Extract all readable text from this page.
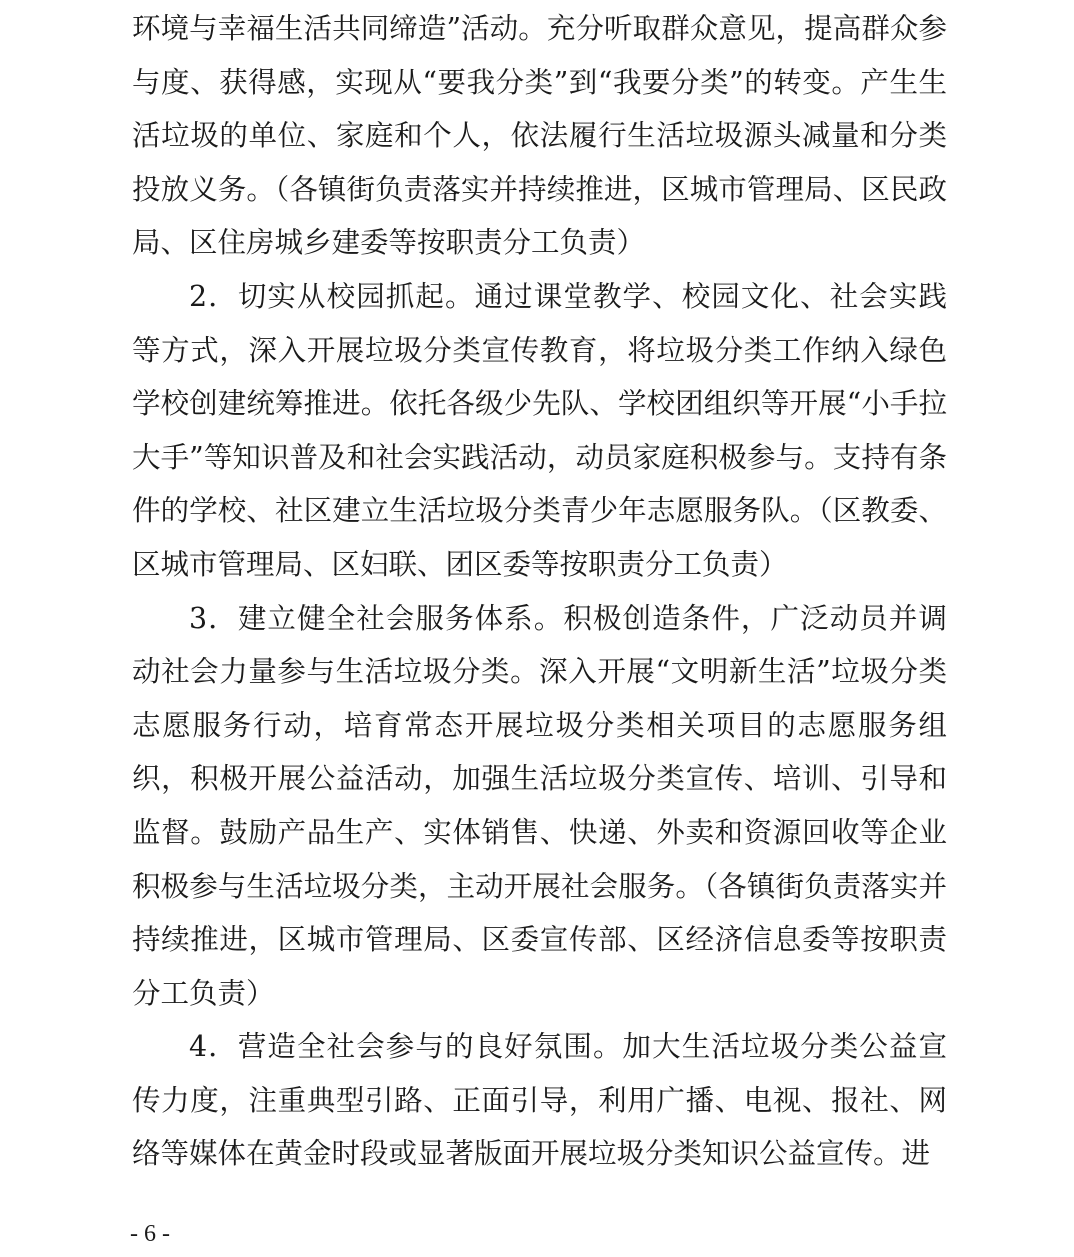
环境与幸福生活共同缔造”活动。充分听取群众意见，提高群众参与度、获得感，实现从“要我分类”到“我要分类”的转变。产生生活垃圾的单位、家庭和个人，依法履行生活垃圾源头减量和分类投放义务。（各镇街负责落实并持续推进，区城市管理局、区民政局、区住房城乡建委等按职责分工负责）

2．切实从校园抓起。通过课堂教学、校园文化、社会实践等方式，深入开展垃圾分类宣传教育，将垃圾分类工作纳入绿色学校创建统筹推进。依托各级少先队、学校团组织等开展“小手拉大手”等知识普及和社会实践活动，动员家庭积极参与。支持有条件的学校、社区建立生活垃圾分类青少年志愿服务队。（区教委、区城市管理局、区妇联、团区委等按职责分工负责）

3．建立健全社会服务体系。积极创造条件，广泛动员并调动社会力量参与生活垃圾分类。深入开展“文明新生活”垃圾分类志愿服务行动，培育常态开展垃圾分类相关项目的志愿服务组织，积极开展公益活动，加强生活垃圾分类宣传、培训、引导和监督。鼓励产品生产、实体销售、快递、外卖和资源回收等企业积极参与生活垃圾分类，主动开展社会服务。（各镇街负责落实并持续推进，区城市管理局、区委宣传部、区经济信息委等按职责分工负责）

4．营造全社会参与的良好氛围。加大生活垃圾分类公益宣传力度，注重典型引路、正面引导，利用广播、电视、报社、网络等媒体在黄金时段或显著版面开展垃圾分类知识公益宣传。进

- 6 -
